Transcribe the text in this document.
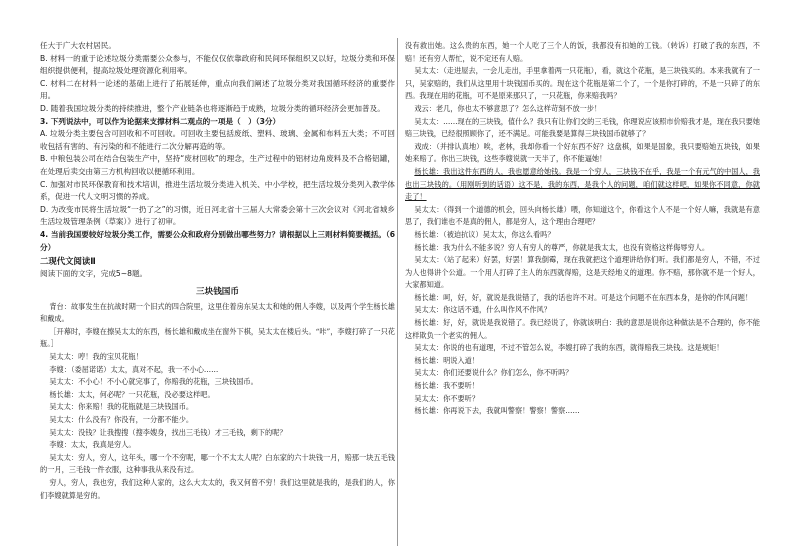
任大于广大农村居民。

B. 材料一的重于论述垃圾分类需要公众参与，不能仅仅依靠政府和民间环保组织又以好，垃圾分类和环保组织提供便利，提高垃圾处理资源化利用率。

C. 材料二在材料一论述的基础上进行了拓展延伸，重点向我们阐述了垃圾分类对我国循环经济的重要作用。

D. 随着我国垃圾分类的持续推进，整个产业链条也将逐渐趋于成熟，垃圾分类的循环经济会更加普及。

3. 下列说法中，可以作为论据来支撑材料二观点的一项是（　）（3分）

A. 垃圾分类主要包含可回收和不可回收。可回收主要包括废纸、塑料、玻璃、金属和布料五大类；不可回收包括有害的、有污染的和不能进行二次分解再造的等。

B. 中粮包装公司在结合包装生产中，坚持“废材回收”的理念，生产过程中的铝材边角废料及不合格铝罐，在处理后卖交由第三方机构回收以便循环利用。

C. 加强对市民环保教育和技术培训，推进生活垃圾分类进入机关、中小学校，把生活垃圾分类列入教学体系，促进一代人文明习惯的养成。

D. 为改变市民将生活垃圾“一扔了之”的习惯，近日河北省十三届人大常委会第十三次会议对《河北省城乡生活垃圾管理条例（草案）》进行了初审。

4. 当前我国要较好垃圾分类工作，需要公众和政府分别做出哪些努力？请根据以上三则材料简要概括。（6分）

二现代文阅读Ⅱ

阅读下面的文字，完成5~8题。

三块钱国币

背台：故事发生在抗战时期一个旧式的四合院里，这里住着房东吴太太和她的佣人李嫂，以及两个学生杨长雄和戴成。

［开幕时，李嫂在擦吴太太的东西，杨长雄和戴成坐在窗外下棋，吴太太在楼后头。“咔”，李嫂打碎了一只花瓶。］

吴太太：哼！我的宝贝花瓶！

李嫂：（委屈诺诺）太太，真对不起，我一不小心……

吴太太：不小心！不小心就完事了，你赔我的花瓶，三块钱国币。

杨长雄：太太，何必呢？一只花瓶，没必要这样吧。

吴太太：你来赔！我的花瓶就是三块钱国币。

吴太太：什么没有？你没有，一分都不能少。

吴太太：没钱？让我搜搜（搜李嫂身，找出三毛钱）才三毛钱，剩下的呢？

李嫂：太太，我真是穷人。

吴太太：穷人，穷人，这年头，哪一个不穷呢，哪一个不太太人呢？白东家的六十块钱一月，赔那一块五毛钱的一月，三毛钱一件衣服，这种事我从来没有过。

穷人，穷人，我也穷，我们这种人家的，这么大太太的，我又何曾不穷！我们这里就是我的，是我们的人，你们李嫂就算是穷的。

没有救出她。这么贵的东西，她一个人吃了三个人的饭，我都没有扣她的工钱。（转诉）打破了我的东西，不赔！还有穷人帮忙，说不定还有人赔。

吴太太：（走进屋去，一会儿走出，手里拿着两一只花瓶），看，就这个花瓶，是三块钱买的。本来我就有了一只，吴家赔的，我们从这里用十块钱国币买的。现在这个花瓶是第二个了，一个是你打碎的，不是一只碎了的东西。我现在用的花瓶，可不是原来那只了，一只花瓶，你来赔我吗？

戏云：老几，你也太不够意思了？怎么这样苛刻不放一步！

吴太太：……现在的三块钱，值什么？我只有让你们交的三毛钱，你理说应该照市价赔我才是，现在我只要她赔三块钱，已经很照顾你了，还不满足。可能我要是算得三块钱国币就够了？

戏成：（并排认真地）唉，老林，我却你看一个好东西不好？这盘棋，如果是国象，我只要赔她五块钱，如果她来赔了。你出三块钱，这些李嫂说就一天半了，你不能逼她！

杨长雄：我出这件东西的人，我也愿意给她钱。我是一个穷人，三块钱不在乎，我是一个有元气的中国人，我也出三块钱的。（用刚听到的话语）这不是，我的东西，是我个人的问题，咱们就这样吧，如果你不同意，你就走了！

吴太太：（得到一个道德的机会，回头向杨长雄）喂，你知道这个，你看这个人不是一个好人嘛，我就是有意思了，我们谁也不是真的佣人，都是穷人，这个理由合理吧？

杨长雄：（被迫抗议）吴太太，你这么看吗？

杨长雄：我为什么不能多说？穷人有穷人的尊严，你就是我太太，也没有资格这样侮辱穷人。

吴太太：（站了起来）好罢，好罢！算我倒霉，现在我就把这个道理讲给你们听。我们都是穷人，不错，不过为人也得讲个公道。一个用人打碎了主人的东西就得赔，这是天经地义的道理。你不赔，那你就不是一个好人，大家都知道。

杨长雄：呵，好，好，就说是我说错了，我的话也许不对。可是这个问题不在东西本身，是你的作风问题！

吴太太：你这话不通，什么叫作风不作风？

杨长雄：好，好，就说是我说错了。我已经说了，你就该明白：我的意思是说你这种做法是不合理的，你不能这样欺负一个老实的佣人。

吴太太：你说的也有道理，不过不管怎么说，李嫂打碎了我的东西，就得赔我三块钱。这是规矩！

杨长雄：明说入道！

吴太太：你们还要说什么？你们怎么，你不听吗？

杨长雄：我不要听！

吴太太：你不要听？

杨长雄：你再说下去，我就叫警察！警察！警察……
